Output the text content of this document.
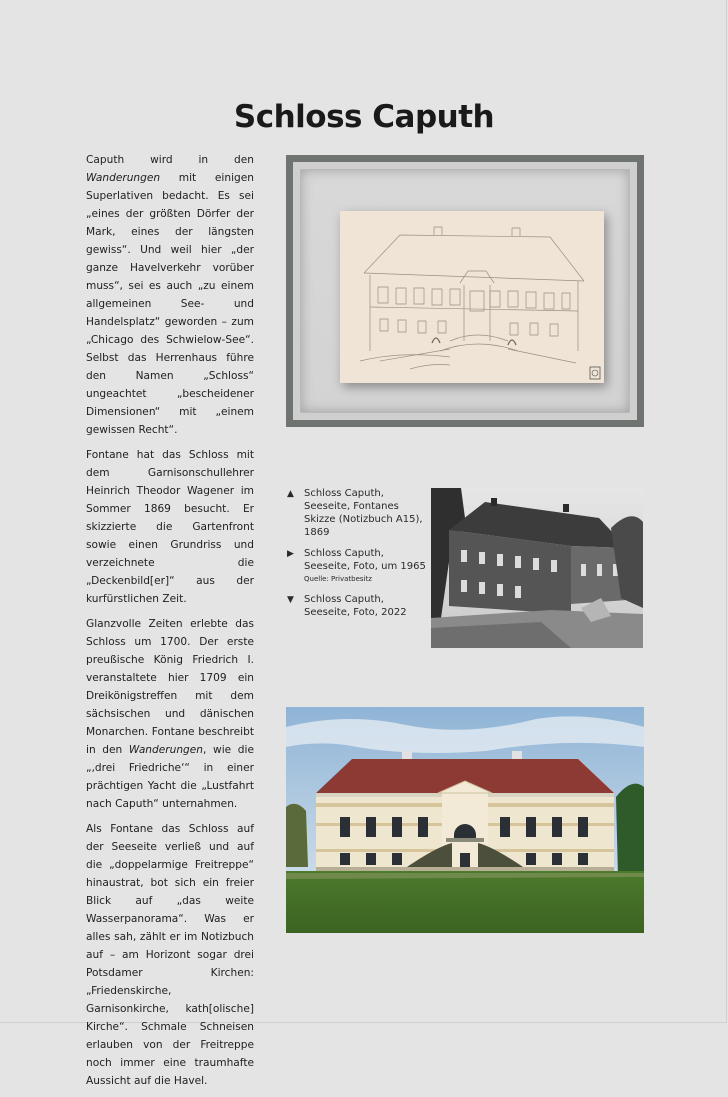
Schloss Caputh

Caputh wird in den Wanderungen mit einigen Superlativen bedacht. Es sei „eines der größten Dörfer der Mark, eines der längsten gewiss“. Und weil hier „der ganze Havelverkehr vorüber muss“, sei es auch „zu einem allgemeinen See- und Handelsplatz“ geworden – zum „Chicago des Schwielow-See“. Selbst das Herrenhaus führe den Namen „Schloss“ ungeachtet „bescheidener Dimensionen“ mit „einem gewissen Recht“.

Fontane hat das Schloss mit dem Garnisonschullehrer Heinrich Theodor Wagener im Sommer 1869 besucht. Er skizzierte die Gartenfront sowie einen Grundriss und verzeichnete die „Deckenbild[er]“ aus der kurfürstlichen Zeit.

Glanzvolle Zeiten erlebte das Schloss um 1700. Der erste preußische König Friedrich I. veranstaltete hier 1709 ein Dreikönigstreffen mit dem sächsischen und dänischen Monarchen. Fontane beschreibt in den Wanderungen, wie die „‚drei Friedriche‘“ in einer prächtigen Yacht die „Lustfahrt nach Caputh“ unternahmen.

Als Fontane das Schloss auf der Seeseite verließ und auf die „doppelarmige Freitreppe“ hinaustrat, bot sich ein freier Blick auf „das weite Wasserpanorama“. Was er alles sah, zählt er im Notizbuch auf – am Horizont sogar drei Potsdamer Kirchen: „Friedenskirche, Garnisonkirche, kath[olische] Kirche“. Schmale Schneisen erlauben von der Freitreppe noch immer eine traumhafte Aussicht auf die Havel.

▲ Schloss Caputh, Seeseite, Fontanes Skizze (Notizbuch A15), 1869
▶ Schloss Caputh, Seeseite, Foto, um 1965
Quelle: Privatbesitz
▼ Schloss Caputh, Seeseite, Foto, 2022
